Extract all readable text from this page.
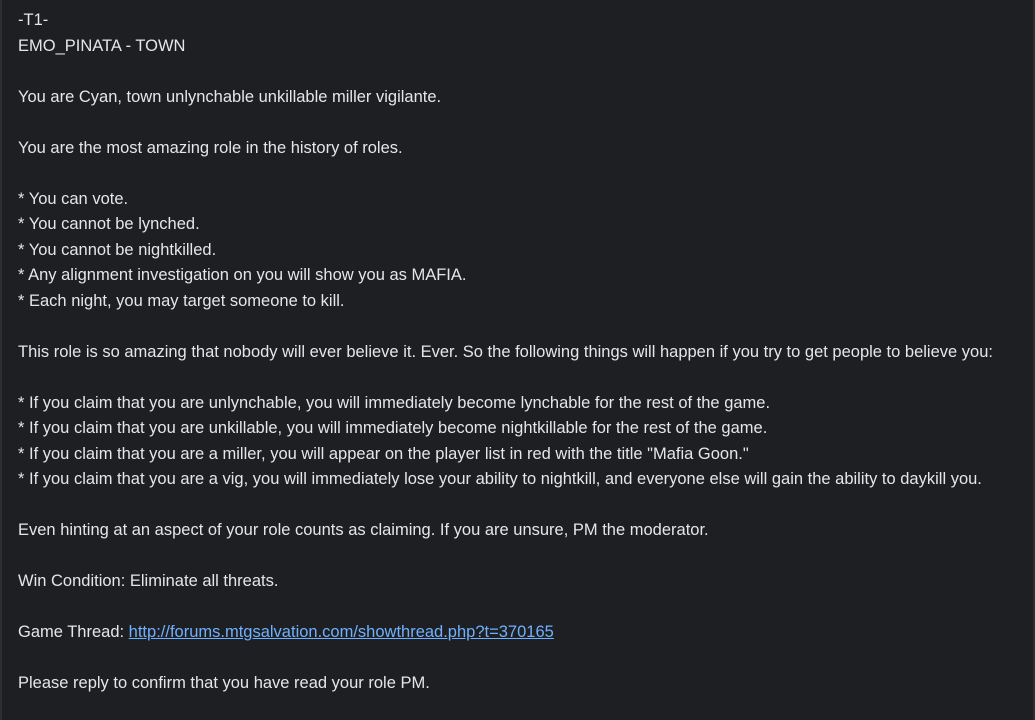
-T1-
EMO_PINATA - TOWN
You are Cyan, town unlynchable unkillable miller vigilante.
You are the most amazing role in the history of roles.
* You can vote.
* You cannot be lynched.
* You cannot be nightkilled.
* Any alignment investigation on you will show you as MAFIA.
* Each night, you may target someone to kill.
This role is so amazing that nobody will ever believe it. Ever. So the following things will happen if you try to get people to believe you:
* If you claim that you are unlynchable, you will immediately become lynchable for the rest of the game.
* If you claim that you are unkillable, you will immediately become nightkillable for the rest of the game.
* If you claim that you are a miller, you will appear on the player list in red with the title "Mafia Goon."
* If you claim that you are a vig, you will immediately lose your ability to nightkill, and everyone else will gain the ability to daykill you.
Even hinting at an aspect of your role counts as claiming. If you are unsure, PM the moderator.
Win Condition: Eliminate all threats.
Game Thread: http://forums.mtgsalvation.com/showthread.php?t=370165
Please reply to confirm that you have read your role PM.
